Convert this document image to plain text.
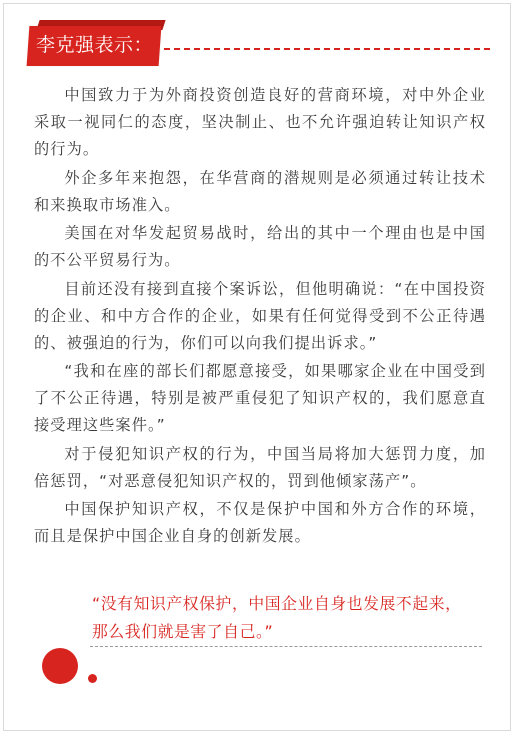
李克强表示：

中国致力于为外商投资创造良好的营商环境，对中外企业采取一视同仁的态度，坚决制止、也不允许强迫转让知识产权的行为。

外企多年来抱怨，在华营商的潜规则是必须通过转让技术和来换取市场准入。

美国在对华发起贸易战时，给出的其中一个理由也是中国的不公平贸易行为。

目前还没有接到直接个案诉讼，但他明确说：“在中国投资的企业、和中方合作的企业，如果有任何觉得受到不公正待遇的、被强迫的行为，你们可以向我们提出诉求。”

“我和在座的部长们都愿意接受，如果哪家企业在中国受到了不公正待遇，特别是被严重侵犯了知识产权的，我们愿意直接受理这些案件。”

对于侵犯知识产权的行为，中国当局将加大惩罚力度，加倍惩罚，“对恶意侵犯知识产权的，罚到他倾家荡产”。

中国保护知识产权，不仅是保护中国和外方合作的环境，而且是保护中国企业自身的创新发展。

“没有知识产权保护，中国企业自身也发展不起来，

那么我们就是害了自己。”
